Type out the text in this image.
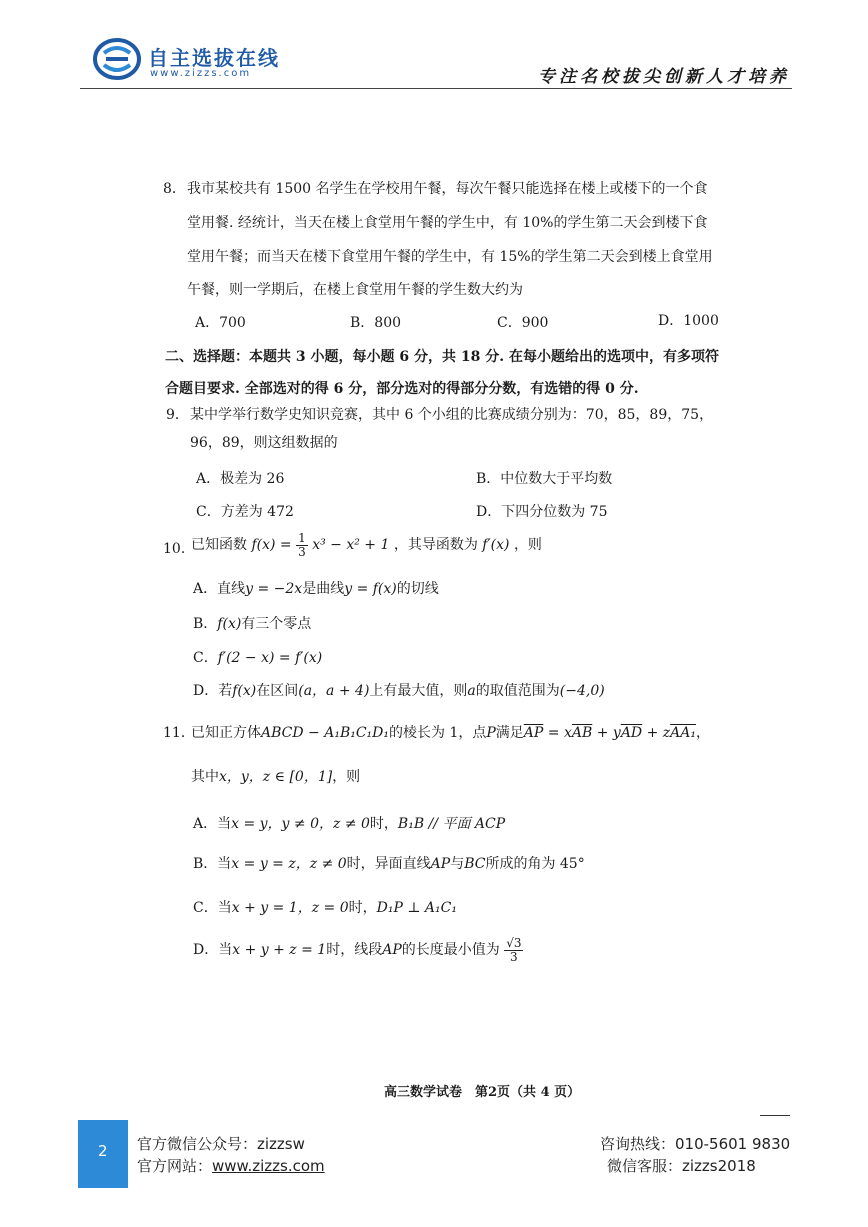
自主选拔在线
www.zizzs.com	专注名校拔尖创新人才培养
8． 我市某校共有 1500 名学生在学校用午餐，每次午餐只能选择在楼上或楼下的一个食
堂用餐. 经统计，当天在楼上食堂用午餐的学生中，有 10%的学生第二天会到楼下食
堂用午餐；而当天在楼下食堂用午餐的学生中，有 15%的学生第二天会到楼上食堂用
午餐，则一学期后，在楼上食堂用午餐的学生数大约为
A．700	B．800	C．900	D．1000
二、选择题：本题共 3 小题，每小题 6 分，共 18 分. 在每小题给出的选项中，有多项符
合题目要求. 全部选对的得 6 分，部分选对的得部分分数，有选错的得 0 分.
9． 某中学举行数学史知识竞赛，其中 6 个小组的比赛成绩分别为：70，85，89，75，
96，89，则这组数据的
A．极差为 26	B．中位数大于平均数
C．方差为 472	D．下四分位数为 75
10．
已知函数 $f(x) = \frac{1}{3} x^3 - x^2 + 1$ ，其导函数为 f′(x) ，则
A．直线y = −2x是曲线y = f(x)的切线
B．f(x)有三个零点
C．f′(2 − x) = f′(x)
D．若f(x)在区间(a，a + 4)上有最大值，则a的取值范围为(−4,0)
11．
已知正方体ABCD − A₁B₁C₁D₁的棱长为 1，点P满足$\overline{AP} = x\overline{AB} + y\overline{AD} + zAA_1$，
其中x，y，z ∈ [0，1]，则
A．当x = y，y ≠ 0，z ≠ 0时，B₁B // 平面 ACP
B．当x = y = z，z ≠ 0时，异面直线AP与BC所成的角为 45°
C．当x + y = 1，z = 0时，D₁P ⊥ A₁C₁
D．当x + y + z = 1时，线段AP的长度最小值为 $\frac{√3}{3}$
高三数学试卷　第2页（共 4 页）
2 官方微信公众号：zizzsw
官方网站：www.zizzs.com
咨询热线：010-5601 9830
微信客服：zizzs2018
